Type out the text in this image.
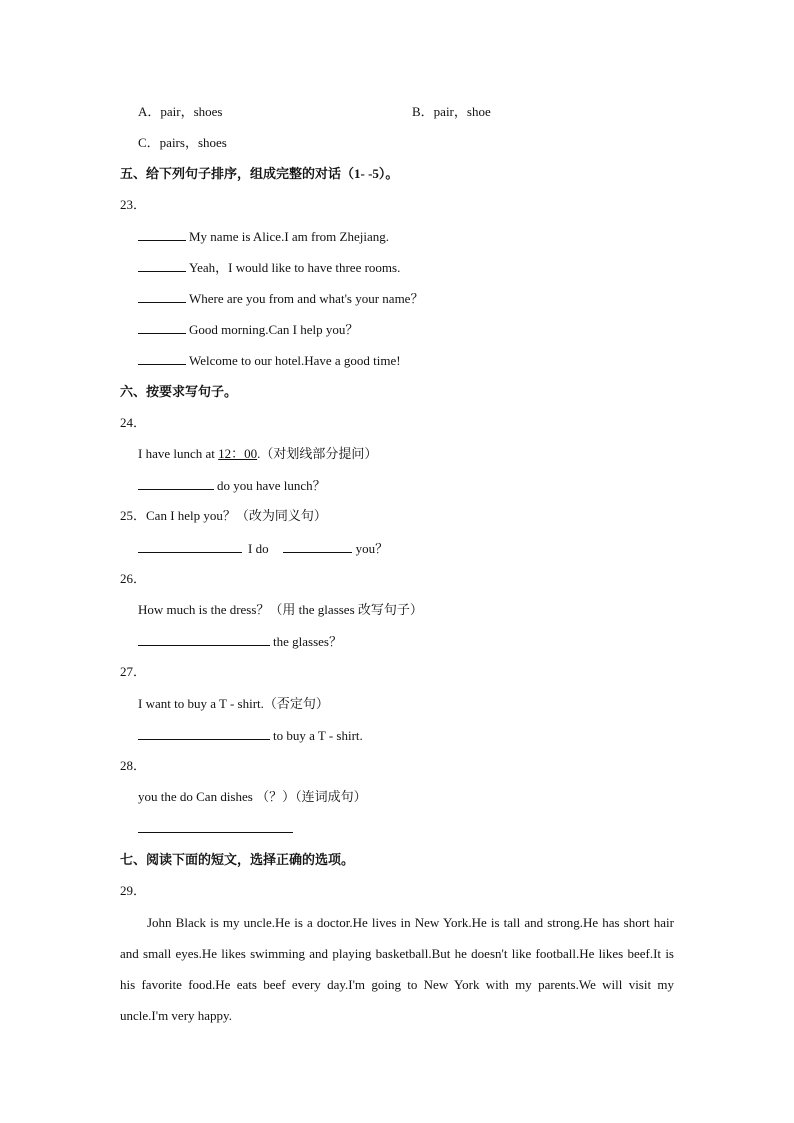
A．pair，shoes	B．pair，shoe
C．pairs，shoes
五、给下列句子排序，组成完整的对话（1- -5）。
23．
My name is Alice.I am from Zhejiang.
Yeah，I would like to have three rooms.
Where are you from and what's your name？
Good morning.Can I help you？
Welcome to our hotel.Have a good time!
六、按要求写句子。
24．
I have lunch at 12：00.（对划线部分提问）
do you have lunch？
25．Can I help you？（改为同义句）
I do	you？
26．
How much is the dress？（用 the glasses 改写句子）
the glasses？
27．
I want to buy a T - shirt.（否定句）
to buy a T - shirt.
28．
you the do Can dishes （？）（连词成句）
七、阅读下面的短文，选择正确的选项。
29．
John Black is my uncle.He is a doctor.He lives in New York.He is tall and strong.He has short hair and small eyes.He likes swimming and playing basketball.But he doesn't like football.He likes beef.It is his favorite food.He eats beef every day.I'm going to New York with my parents.We will visit my uncle.I'm very happy.
